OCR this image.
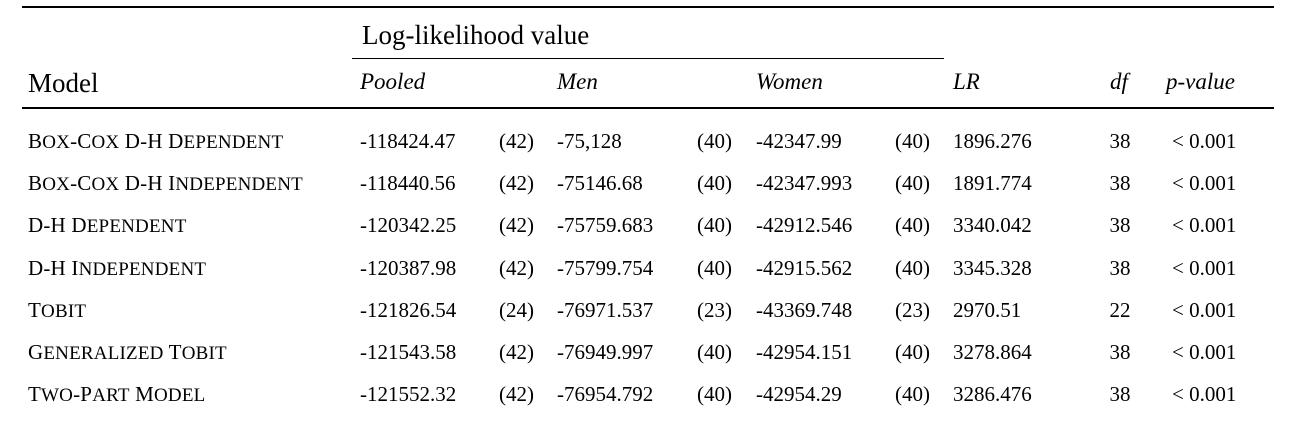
Log-likelihood value
Model	Pooled	Men	Women	LR	df p-value
BOX-COX D-H DEPENDENT	-118424.47	(42) -75,128	(40) -42347.99	(40) 1896.276	38	< 0.001
BOX-COX D-H INDEPENDENT	-118440.56	(42) -75146.68	(40) -42347.993	(40) 1891.774	38	< 0.001
D-H DEPENDENT	-120342.25	(42) -75759.683	(40) -42912.546	(40) 3340.042	38	< 0.001
D-H INDEPENDENT	-120387.98	(42) -75799.754	(40) -42915.562	(40) 3345.328	38	< 0.001
TOBIT	-121826.54	(24) -76971.537	(23) -43369.748	(23) 2970.51	22	< 0.001
GENERALIZED TOBIT	-121543.58	(42) -76949.997	(40) -42954.151	(40) 3278.864	38	< 0.001
TWO-PART MODEL	-121552.32	(42) -76954.792	(40) -42954.29	(40) 3286.476	38	< 0.001
